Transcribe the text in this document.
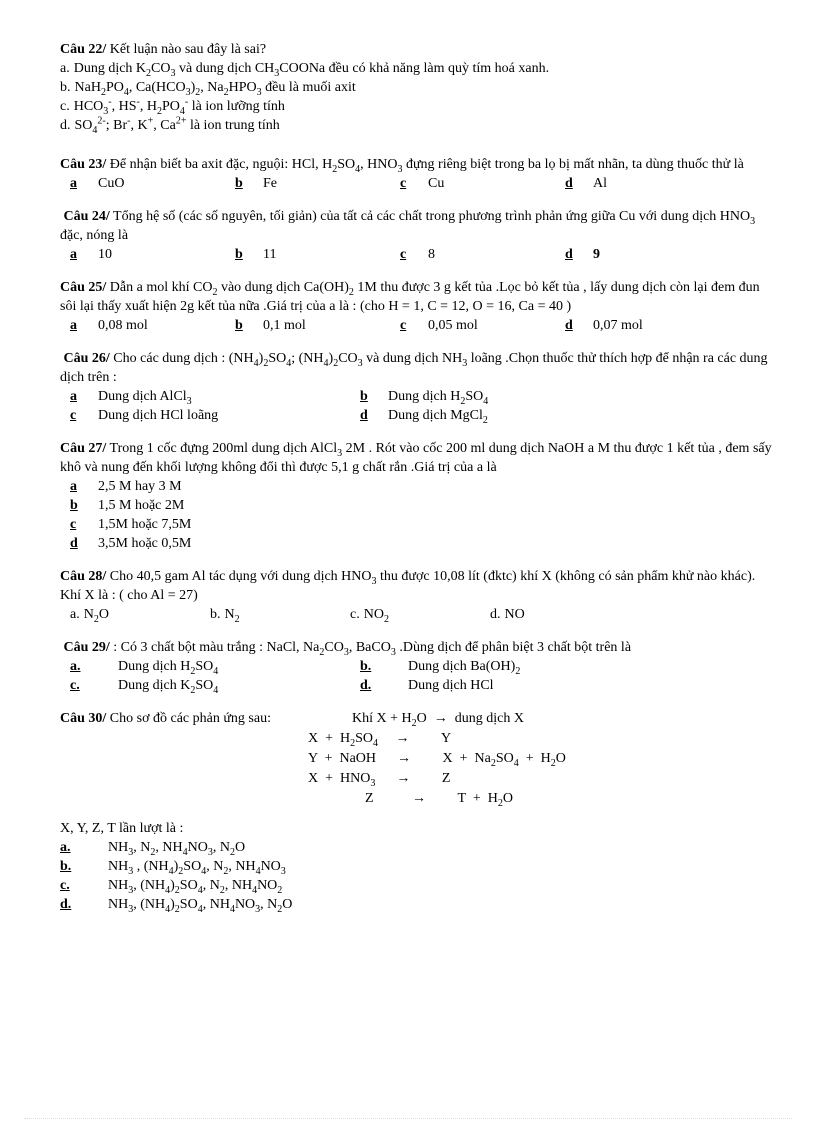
Câu 22/ Kết luận nào sau đây là sai?
a. Dung dịch $K_2CO_3$ và dung dịch $CH_3COONa$ đều có khả năng làm quỳ tím hoá xanh.
b. $NaH_2PO_4$, $Ca(HCO_3)_2$, $Na_2HPO_3$ đều là muối axit
c. $HCO_3^-$, HS-, $H_2PO_4^-$ là ion lưỡng tính
d. $SO_4^{2-}$; Br-, K+, $Ca^{2+}$ là ion trung tính
Câu 23/ Để nhận biết ba axit đặc, nguội: HCl, $H_2SO_4$, $HNO_3$ đựng riêng biệt trong ba lọ bị mất nhãn, ta dùng thuốc thử là
a CuO	b Fe	c Cu	d Al
Câu 24/ Tổng hệ số (các số nguyên, tối giản) của tất cả các chất trong phương trình phản ứng giữa Cu với dung dịch $HNO_3$ đặc, nóng là
a 10	b 11	c 8	d 9
Câu 25/ Dẫn a mol khí $CO_2$ vào dung dịch $Ca(OH)_2$ 1M thu được 3 g kết tủa .Lọc bỏ kết tủa , lấy dung dịch còn lại đem đun sôi lại thấy xuất hiện 2g kết tủa nữa .Giá trị của a là : (cho H = 1, C = 12, O = 16, Ca = 40 )
a 0,08 mol	b 0,1 mol	c 0,05 mol	d 0,07 mol
Câu 26/ Cho các dung dịch : $(NH_4)_2SO_4$; $(NH_4)_2CO_3$ và dung dịch $NH_3$ loãng .Chọn thuốc thử thích hợp để nhận ra các dung dịch trên :
a Dung dịch AlCl$_3$	b Dung dịch $H_2SO_4$
c Dung dịch HCl loãng	d Dung dịch MgCl$_2$
Câu 27/ Trong 1 cốc đựng 200ml dung dịch AlCl$_3$ 2M . Rót vào cốc 200 ml dung dịch NaOH a M thu được 1 kết tủa , đem sấy khô và nung đến khối lượng không đổi thì được 5,1 g chất rắn .Giá trị của a là
a 2,5 M hay 3 M
b 1,5 M hoặc 2M
c 1,5M hoặc 7,5M
d 3,5M hoặc 0,5M
Câu 28/ Cho 40,5 gam Al tác dụng với dung dịch $HNO_3$ thu được 10,08 lít (đktc) khí X (không có sản phẩm khử nào khác). Khí X là : ( cho Al = 27)
a. $N_2O$	b. $N_2$	c. $NO_2$	d. NO
Câu 29/ : Có 3 chất bột màu trắng : NaCl, $Na_2CO_3$, BaCO$_3$ .Dùng dịch để phân biệt 3 chất bột trên là
a.	Dung dịch $H_2SO_4$	b.	Dung dịch $Ba(OH)_2$
c.	Dung dịch $K_2SO_4$	d.	Dung dịch HCl
Câu 30/ Cho sơ đồ các phản ứng sau:	Khí $X + H_2O$  →  dung dịch X
$X + H_2SO_4$     →         Y
Y  +  NaOH      →         $X + Na_2SO_4 + H_2O$
$X + HNO_3$      →         Z
Z           →         $T + H_2O$
X, Y, Z, T lần lượt là :
a.	$NH_3$, $N_2$, $NH_4NO_3$, $N_2O$
b.	$NH_3$ , $(NH_4)_2SO_4$, $N_2$, $NH_4NO_3$
c.	$NH_3$, $(NH_4)_2SO_4$, $N_2$, $NH_4NO_2$
d.	$NH_3$, $(NH_4)_2SO_4$, $NH_4NO_3$, $N_2O$
